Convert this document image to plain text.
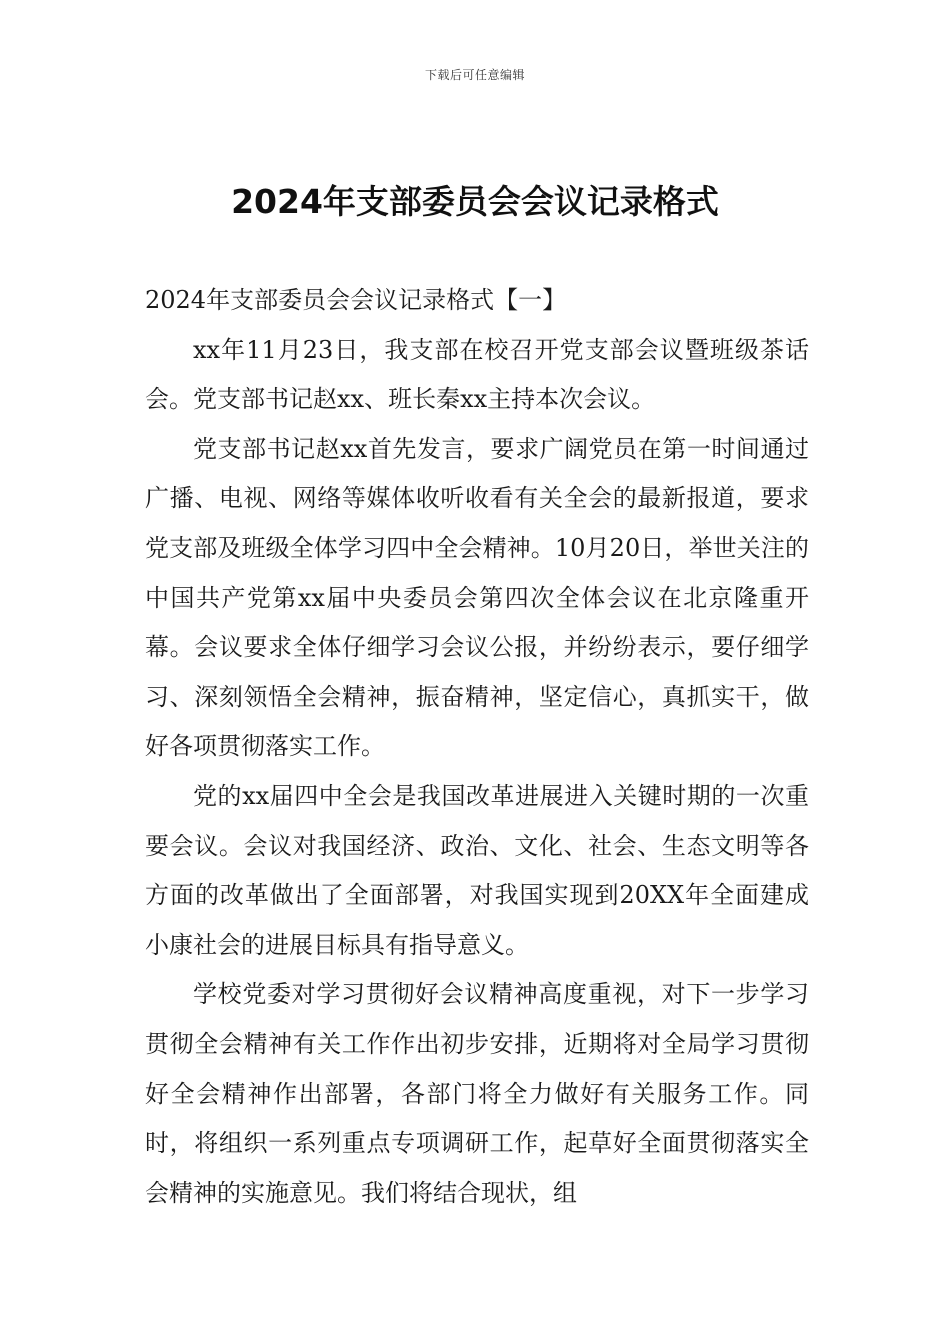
下载后可任意编辑
2024年支部委员会会议记录格式

2024年支部委员会会议记录格式【一】

xx年11月23日，我支部在校召开党支部会议暨班级茶话会。党支部书记赵xx、班长秦xx主持本次会议。

党支部书记赵xx首先发言，要求广阔党员在第一时间通过广播、电视、网络等媒体收听收看有关全会的最新报道，要求党支部及班级全体学习四中全会精神。10月20日，举世关注的中国共产党第xx届中央委员会第四次全体会议在北京隆重开幕。会议要求全体仔细学习会议公报，并纷纷表示，要仔细学习、深刻领悟全会精神，振奋精神，坚定信心，真抓实干，做好各项贯彻落实工作。

党的xx届四中全会是我国改革进展进入关键时期的一次重要会议。会议对我国经济、政治、文化、社会、生态文明等各方面的改革做出了全面部署，对我国实现到20XX年全面建成小康社会的进展目标具有指导意义。

学校党委对学习贯彻好会议精神高度重视，对下一步学习贯彻全会精神有关工作作出初步安排，近期将对全局学习贯彻好全会精神作出部署，各部门将全力做好有关服务工作。同时，将组织一系列重点专项调研工作，起草好全面贯彻落实全会精神的实施意见。我们将结合现状，组
